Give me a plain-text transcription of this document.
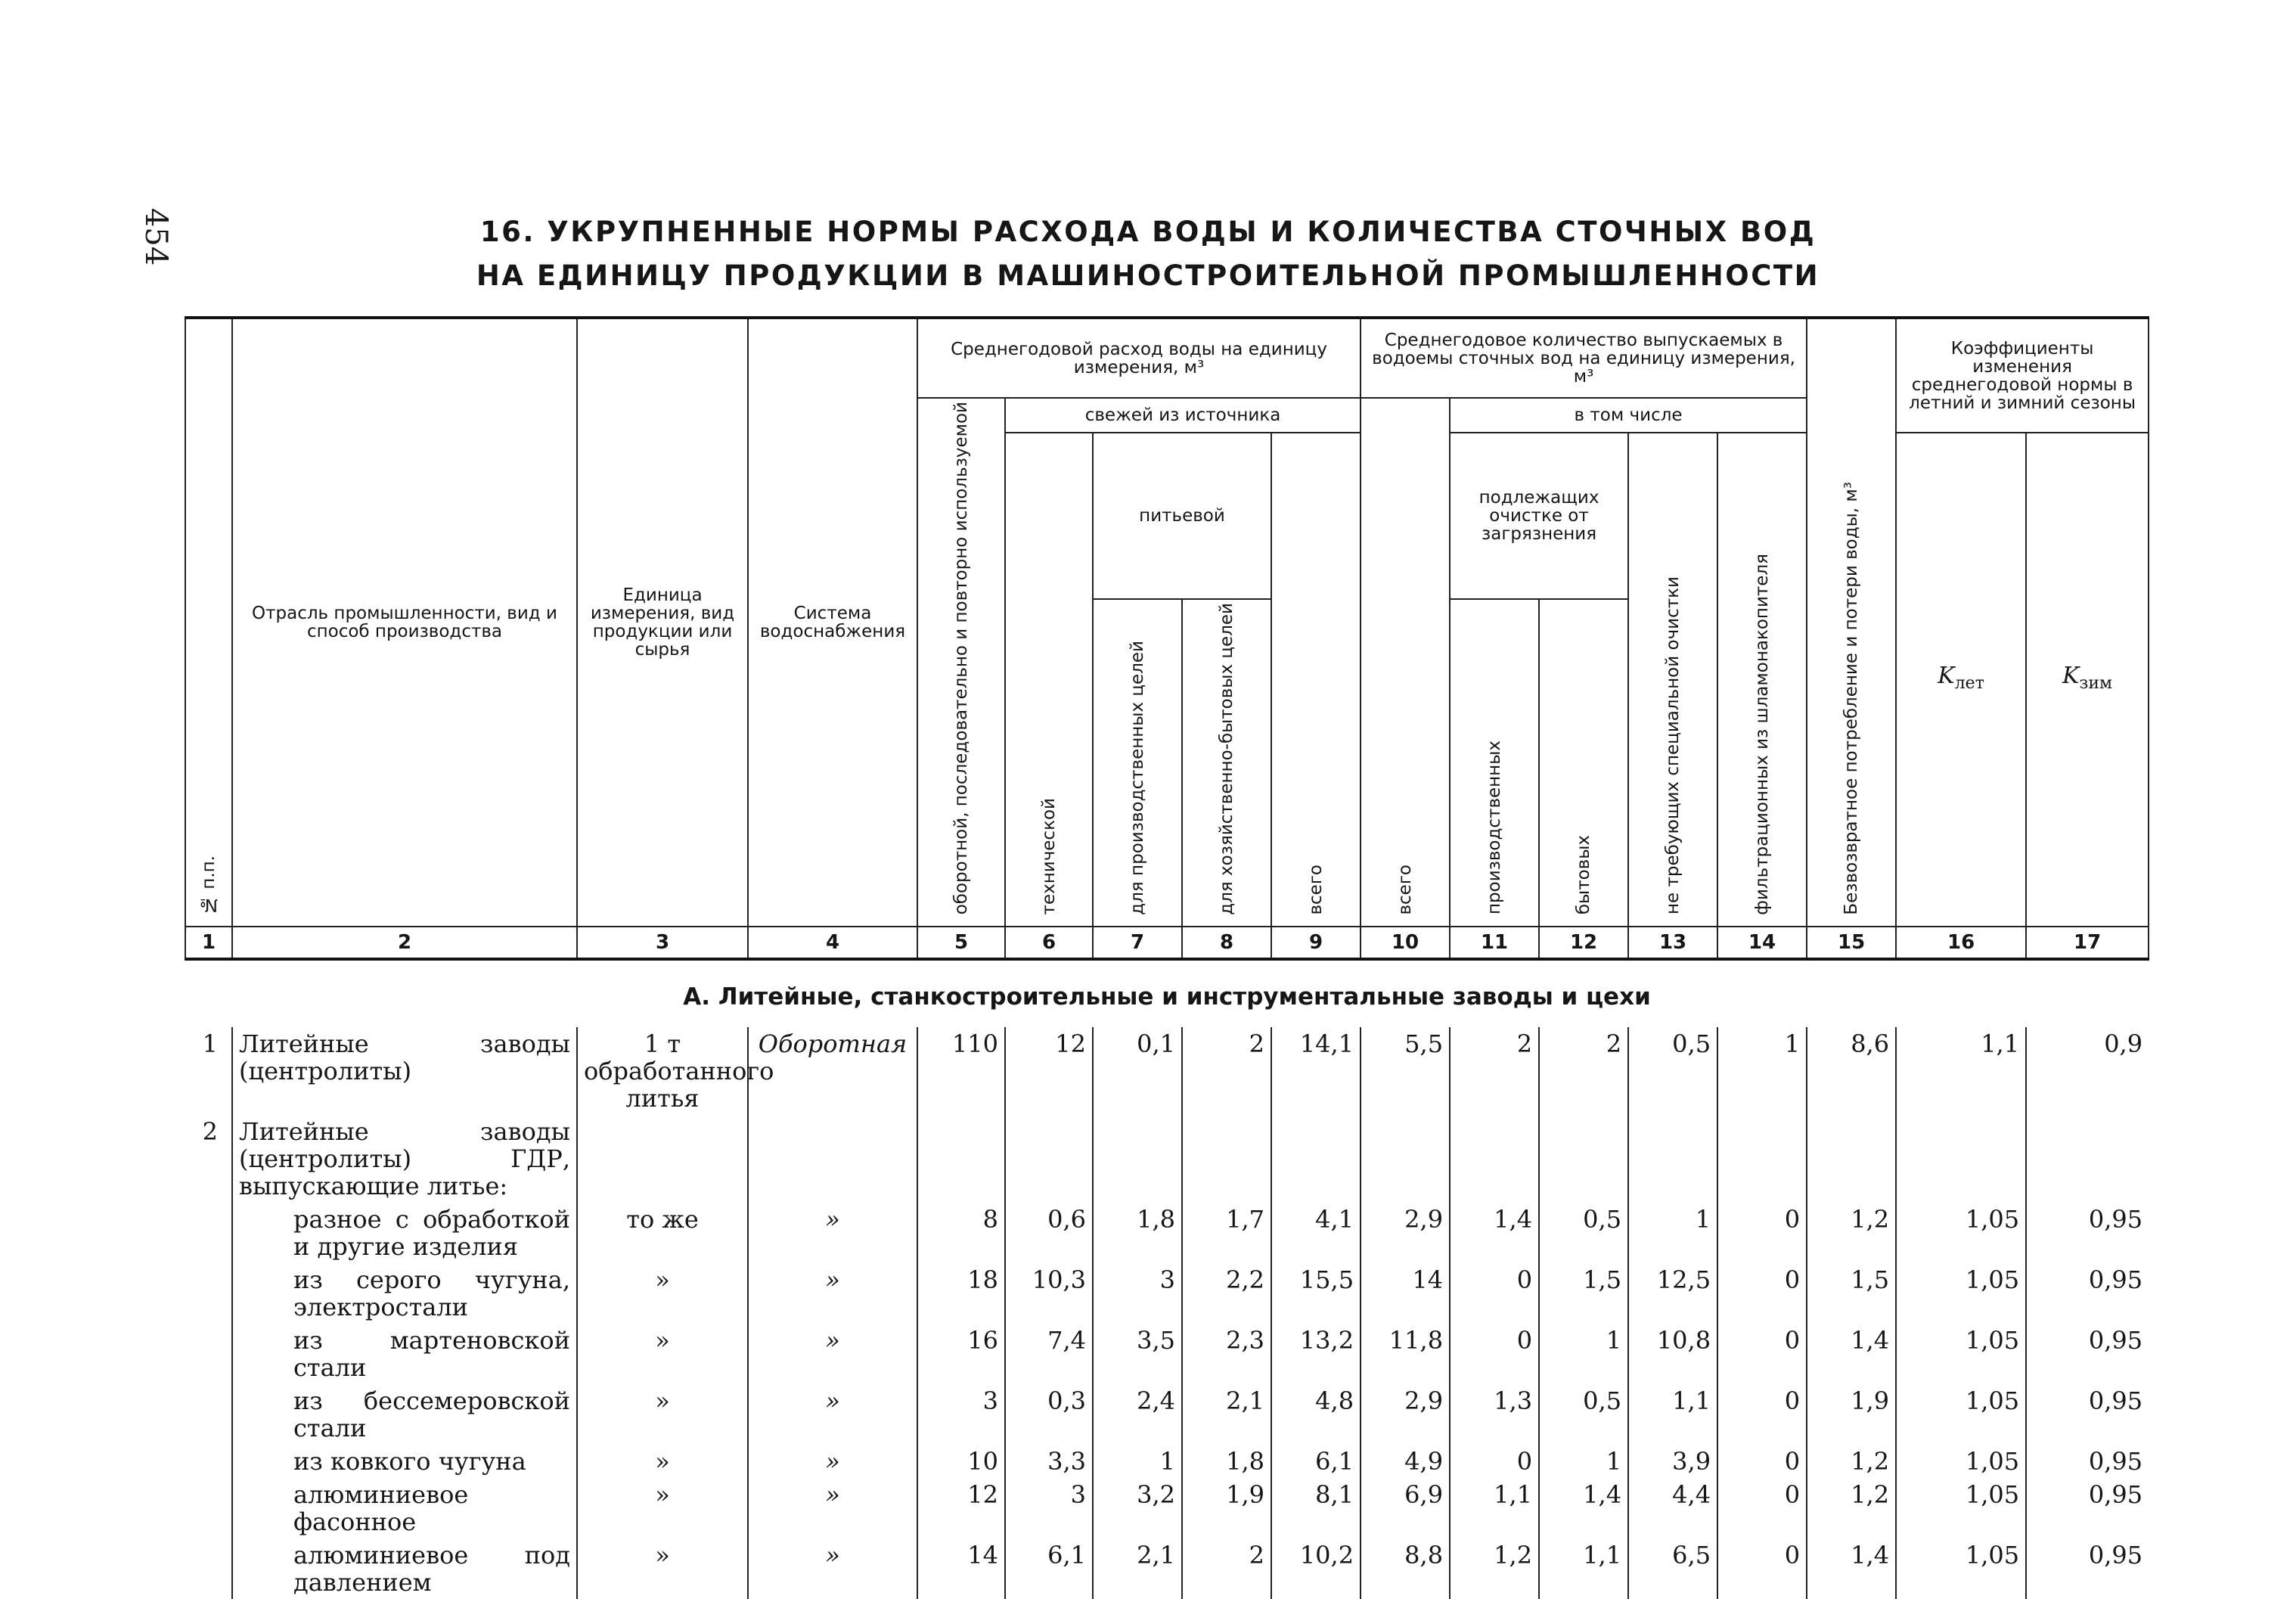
454	16. УКРУПНЕННЫЕ НОРМЫ РАСХОДА ВОДЫ И КОЛИЧЕСТВА СТОЧНЫХ ВОД
НА ЕДИНИЦУ ПРОДУКЦИИ В МАШИНОСТРОИТЕЛЬНОЙ ПРОМЫШЛЕННОСТИ
№ п.п.	Отрасль промышленности, вид и способ производства	Единица измерения, вид продукции или сырья	Система водоснабжения	Среднегодовой расход воды на единицу измерения, м³					Среднегодовое количество выпускаемых в водоемы сточных вод на единицу измерения, м³					Безвозвратное потребление и потери воды, м³	Коэффициенты изменения среднегодовой нормы в летний и зимний сезоны	
				оборотной, последовательно и повторно используемой	свежей из источника				всего	в том числе						
					технической	питьевой		всего		подлежащих очистке от загрязнения		не требующих специальной очистки	фильтрационных из шламонакопителя		$K_{лет}$	$K_{зим}$
						для производственных целей	для хозяйственно-бытовых целей			производственных	бытовых					
1	2	3	4	5	6	7	8	9	10	11	12	13	14	15	16	17
А. Литейные, станкостроительные и инструментальные заводы и цехи																
1	Литейные заводы (центролиты)	1 т обработанного литья	Оборотная	110	12	0,1	2	14,1	5,5	2	2	0,5	1	8,6	1,1	0,9
2	Литейные заводы (центролиты) ГДР, выпускающие литье:															
	разное с обработкой и другие изделия	то же	»	8	0,6	1,8	1,7	4,1	2,9	1,4	0,5	1	0	1,2	1,05	0,95
	из серого чугуна, электростали	»	»	18	10,3	3	2,2	15,5	14	0	1,5	12,5	0	1,5	1,05	0,95
	из мартеновской стали	»	»	16	7,4	3,5	2,3	13,2	11,8	0	1	10,8	0	1,4	1,05	0,95
	из бессемеровской стали	»	»	3	0,3	2,4	2,1	4,8	2,9	1,3	0,5	1,1	0	1,9	1,05	0,95
	из ковкого чугуна	»	»	10	3,3	1	1,8	6,1	4,9	0	1	3,9	0	1,2	1,05	0,95
	алюминиевое фасонное	»	»	12	3	3,2	1,9	8,1	6,9	1,1	1,4	4,4	0	1,2	1,05	0,95
	алюминиевое под давлением	»	»	14	6,1	2,1	2	10,2	8,8	1,2	1,1	6,5	0	1,4	1,05	0,95
